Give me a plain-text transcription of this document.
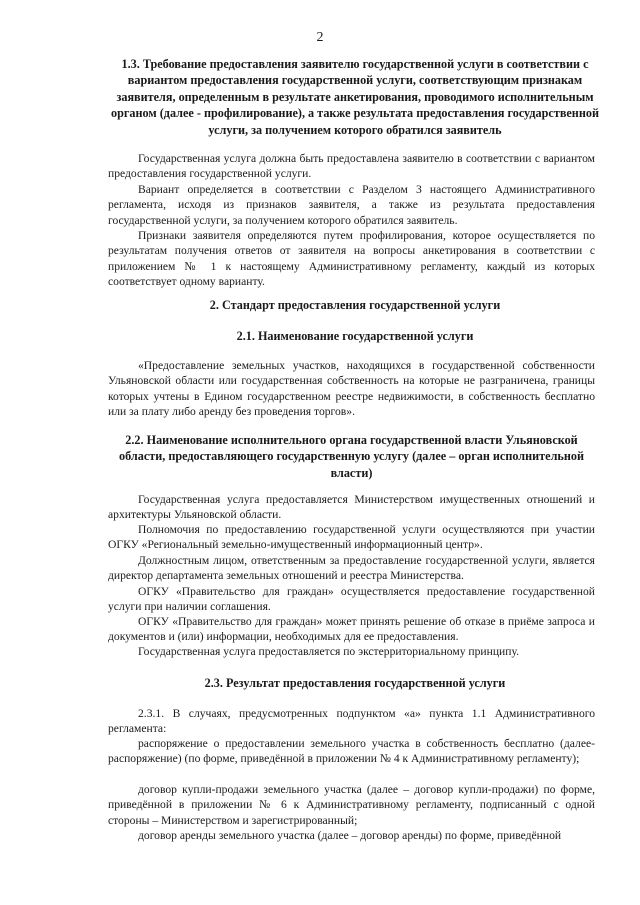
2
1.3. Требование предоставления заявителю государственной услуги в соответствии с вариантом предоставления государственной услуги, соответствующим признакам заявителя, определенным в результате анкетирования, проводимого исполнительным органом (далее - профилирование), а также результата предоставления государственной услуги, за получением которого обратился заявитель

Государственная услуга должна быть предоставлена заявителю в соответствии с вариантом предоставления государственной услуги.

Вариант определяется в соответствии с Разделом 3 настоящего Административного регламента, исходя из признаков заявителя, а также из результата предоставления государственной услуги, за получением которого обратился заявитель.

Признаки заявителя определяются путем профилирования, которое осуществляется по результатам получения ответов от заявителя на вопросы анкетирования в соответствии с приложением № 1 к настоящему Административному регламенту, каждый из которых соответствует одному варианту.

2. Стандарт предоставления государственной услуги
2.1. Наименование государственной услуги

«Предоставление земельных участков, находящихся в государственной собственности Ульяновской области или государственная собственность на которые не разграничена, границы которых учтены в Едином государственном реестре недвижимости, в собственность бесплатно или за плату либо аренду без проведения торгов».

2.2. Наименование исполнительного органа государственной власти Ульяновской области, предоставляющего государственную услугу (далее – орган исполнительной власти)

Государственная услуга предоставляется Министерством имущественных отношений и архитектуры Ульяновской области.

Полномочия по предоставлению государственной услуги осуществляются при участии ОГКУ «Региональный земельно-имущественный информационный центр».

Должностным лицом, ответственным за предоставление государственной услуги, является директор департамента земельных отношений и реестра Министерства.

ОГКУ «Правительство для граждан» осуществляется предоставление государственной услуги при наличии соглашения.

ОГКУ «Правительство для граждан» может принять решение об отказе в приёме запроса и документов и (или) информации, необходимых для ее предоставления.

Государственная услуга предоставляется по экстерриториальному принципу.

2.3. Результат предоставления государственной услуги

2.3.1. В случаях, предусмотренных подпунктом «а» пункта 1.1 Административного регламента:

распоряжение о предоставлении земельного участка в собственность бесплатно (далее- распоряжение) (по форме, приведённой в приложении № 4 к Административному регламенту);

договор купли-продажи земельного участка (далее – договор купли-продажи) по форме, приведённой в приложении № 6 к Административному регламенту, подписанный с одной стороны – Министерством и зарегистрированный;

договор аренды земельного участка (далее – договор аренды) по форме, приведённой
